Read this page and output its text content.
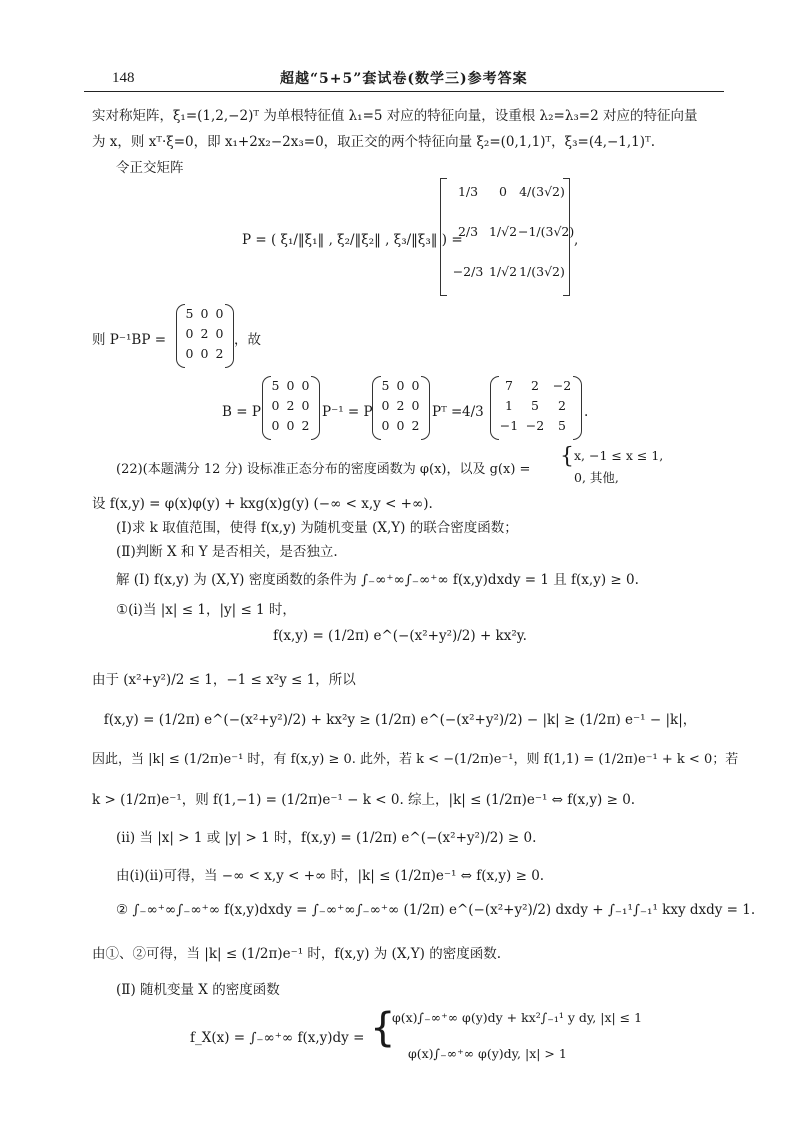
148	超越“5+5”套试卷(数学三)参考答案
实对称矩阵，ξ₁=(1,2,−2)ᵀ 为单根特征值 λ₁=5 对应的特征向量，设重根 λ₂=λ₃=2 对应的特征向量
为 x，则 xᵀ·ξ=0，即 x₁+2x₂−2x₃=0，取正交的两个特征向量 ξ₂=(0,1,1)ᵀ，ξ₃=(4,−1,1)ᵀ.
令正交矩阵
P = ( ξ₁/‖ξ₁‖ , ξ₂/‖ξ₂‖ , ξ₃/‖ξ₃‖ ) =
1/3	0 4/(3√2)
2/3 1/√2 −1/(3√2)
−2/3 1/√2 1/(3√2)
,
则 P⁻¹BP =
5 0 0
0 2 0
0 0 2
，故
B = P
5 0 0
0 2 0
0 0 2
P⁻¹ = P
5 0 0
0 2 0
0 0 2
Pᵀ = 4/3
7	2	−2
1	5	2
−1 −2	5
.
(22)(本题满分 12 分) 设标准正态分布的密度函数为 φ(x)，以及 g(x) =
{ x, −1 ≤ x ≤ 1,
0, 其他,
设 f(x,y) = φ(x)φ(y) + kxg(x)g(y) (−∞ < x,y < +∞).
(Ⅰ)求 k 取值范围，使得 f(x,y) 为随机变量 (X,Y) 的联合密度函数；
(Ⅱ)判断 X 和 Y 是否相关，是否独立.
解 (Ⅰ) f(x,y) 为 (X,Y) 密度函数的条件为 ∫₋∞⁺∞∫₋∞⁺∞ f(x,y)dxdy = 1 且 f(x,y) ≥ 0.
①(i)当 |x| ≤ 1，|y| ≤ 1 时，
f(x,y) = (1/2π) e^(−(x²+y²)/2) + kx²y.
由于 (x²+y²)/2 ≤ 1，−1 ≤ x²y ≤ 1，所以
f(x,y) = (1/2π) e^(−(x²+y²)/2) + kx²y ≥ (1/2π) e^(−(x²+y²)/2) − |k| ≥ (1/2π) e⁻¹ − |k|，
因此，当 |k| ≤ (1/2π)e⁻¹ 时，有 f(x,y) ≥ 0. 此外，若 k < −(1/2π)e⁻¹，则 f(1,1) = (1/2π)e⁻¹ + k < 0；若
k > (1/2π)e⁻¹，则 f(1,−1) = (1/2π)e⁻¹ − k < 0. 综上，|k| ≤ (1/2π)e⁻¹ ⇔ f(x,y) ≥ 0.
(ii) 当 |x| > 1 或 |y| > 1 时，f(x,y) = (1/2π) e^(−(x²+y²)/2) ≥ 0.
由(i)(ii)可得，当 −∞ < x,y < +∞ 时，|k| ≤ (1/2π)e⁻¹ ⇔ f(x,y) ≥ 0.
② ∫₋∞⁺∞∫₋∞⁺∞ f(x,y)dxdy = ∫₋∞⁺∞∫₋∞⁺∞ (1/2π) e^(−(x²+y²)/2) dxdy + ∫₋₁¹∫₋₁¹ kxy dxdy = 1.
由①、②可得，当 |k| ≤ (1/2π)e⁻¹ 时，f(x,y) 为 (X,Y) 的密度函数.
(Ⅱ) 随机变量 X 的密度函数
f_X(x) = ∫₋∞⁺∞ f(x,y)dy = {
φ(x)∫₋∞⁺∞ φ(y)dy + kx²∫₋₁¹ y dy, |x| ≤ 1
φ(x)∫₋∞⁺∞ φ(y)dy, |x| > 1
